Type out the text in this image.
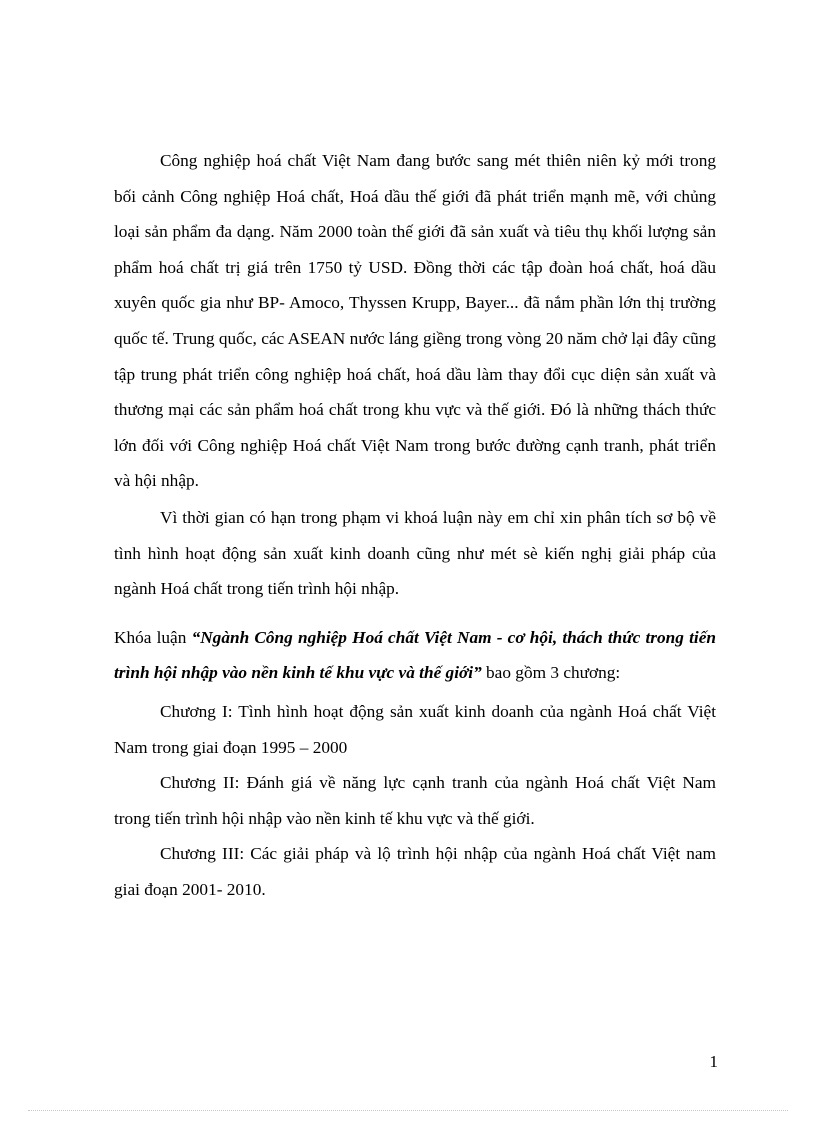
Công nghiệp hoá chất Việt Nam đang bước sang mét thiên niên kỷ mới trong bối cảnh Công nghiệp Hoá chất, Hoá dầu thế giới đã phát triển mạnh mẽ, với chủng loại sản phẩm đa dạng. Năm 2000 toàn thế giới đã sản xuất và tiêu thụ khối lượng sản phẩm hoá chất trị giá trên 1750 tỷ USD. Đồng thời các tập đoàn hoá chất, hoá dầu xuyên quốc gia như BP- Amoco, Thyssen Krupp, Bayer... đã nắm phần lớn thị trường quốc tế. Trung quốc, các ASEAN nước láng giềng trong vòng 20 năm chở lại đây cũng tập trung phát triển công nghiệp hoá chất, hoá dầu làm thay đổi cục diện sản xuất và thương mại các sản phẩm hoá chất trong khu vực và thế giới. Đó là những thách thức lớn đối với Công nghiệp Hoá chất Việt Nam trong bước đường cạnh tranh, phát triển và hội nhập.

Vì thời gian có hạn trong phạm vi khoá luận này em chỉ xin phân tích sơ bộ về tình hình hoạt động sản xuất kinh doanh cũng như mét sè kiến nghị giải pháp của ngành Hoá chất trong tiến trình hội nhập.

Khóa luận “Ngành Công nghiệp Hoá chất Việt Nam - cơ hội, thách thức trong tiến trình hội nhập vào nền kinh tế khu vực và thế giới” bao gồm 3 chương:

Chương I: Tình hình hoạt động sản xuất kinh doanh của ngành Hoá chất Việt Nam trong giai đoạn 1995 – 2000

Chương II: Đánh giá về năng lực cạnh tranh của ngành Hoá chất Việt Nam trong tiến trình hội nhập vào nền kinh tế khu vực và thế giới.

Chương III: Các giải pháp và lộ trình hội nhập của ngành Hoá chất Việt nam giai đoạn 2001- 2010.

1
